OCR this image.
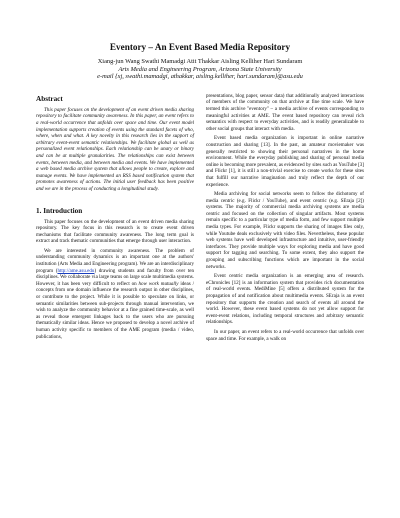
Eventory – An Event Based Media Repository
Xiang-jun Wang Swathi Mamadgi Atit Thakkar Aisling Kelliher Hari Sundaram
Arts Media and Engineering Program, Arizona State University
e-mail {xj, swathi.mamadgi, athakkar, aisling.kelliher, hari.sundaram}@asu.edu
Abstract

This paper focuses on the development of an event driven media sharing repository to facilitate community awareness. In this paper, an event refers to a real-world occurrence that unfolds over space and time. Our event model implementation supports creation of events using the standard facets of who, where, when and what. A key novelty in this research lies in the support of arbitrary event-event semantic relationships. We facilitate global as well as personalized event relationships. Each relationship can be unary or binary and can be at multiple granularities. The relationships can exist between events, between media, and between media and events. We have implemented a web based media archive system that allows people to create, explore and manage events. We have implemented an RSS based notification system that promotes awareness of actions. The initial user feedback has been positive and we are in the process of conducting a longitudinal study.

1. Introduction

This paper focuses on the development of an event driven media sharing repository. The key focus in this research is to create event driven mechanisms that facilitate community awareness. The long term goal is extract and track thematic communities that emerge through user interaction.

We are interested in community awareness. The problem of understanding community dynamics is an important one at the authors' institution (Arts Media and Engineering program). We are an interdisciplinary program (http://ame.asu.edu) drawing students and faculty from over ten disciplines. We collaborate via large teams on large scale multimedia systems. However, it has been very difficult to reflect on how work mutually ideas / concepts from one domain influence the research output in other disciplines, or contribute to the project. While it is possible to speculate on links, or semantic similarities between sub-projects through manual intervention, we wish to analyze the community behavior at a fine grained time-scale, as well as reveal those emergent linkages back to the users who are pursuing thematically similar ideas. Hence we proposed to develop a novel archive of human activity specific to members of the AME program (media / video, publications,

presentations, blog paper, sensor data) that additionally analyzed interactions of members of the community on that archive at fine time scale. We have termed this archive "eventory" – a media archive of events corresponding to meaningful activities at AME. The event based repository can reveal rich semantics with respect to everyday activities, and is readily generalizable to other social groups that interact with media.

Event based media organization is important in online narrative construction and sharing [13]. In the past, an amateur moviemaker was generally restricted to showing their personal narratives in the home environment. While the everyday publishing and sharing of personal media online is becoming more prevalent, as evidenced by sites such as YouTube [3] and Flickr [1], it is still a non-trivial exercise to create works for these sites that fulfill our narrative imagination and truly reflect the depth of our experience.

Media archiving for social networks seem to follow the dichotomy of media centric (e.g. Flickr / YouTube), and event centric (e.g. SEraja [2]) systems. The majority of commercial media archiving systems are media centric and focused on the collection of singular artifacts. Most systems remain specific to a particular type of media form, and few support multiple media types. For example, Flickr supports the sharing of images files only, while Youtube deals exclusively with video files. Nevertheless, these popular web systems have well developed infrastructure and intuitive, user-friendly interfaces. They provide multiple ways for exploring media and have good support for tagging and searching. To some extent, they also support the grouping and subscribing functions which are important in the social networks.

Event centric media organization is an emerging area of research. eChronicles [12] is an information system that provides rich documentation of real-world events. MediMine [5] offers a distributed system for the propagation of and notification about multimedia events. SEraja is an event repository that supports the creation and search of events all around the world. However, these event based systems do not yet allow support for event-event relations, including temporal structures and arbitrary semantic relationships.

In our paper, an event refers to a real-world occurrence that unfolds over space and time. For example, a walk on
